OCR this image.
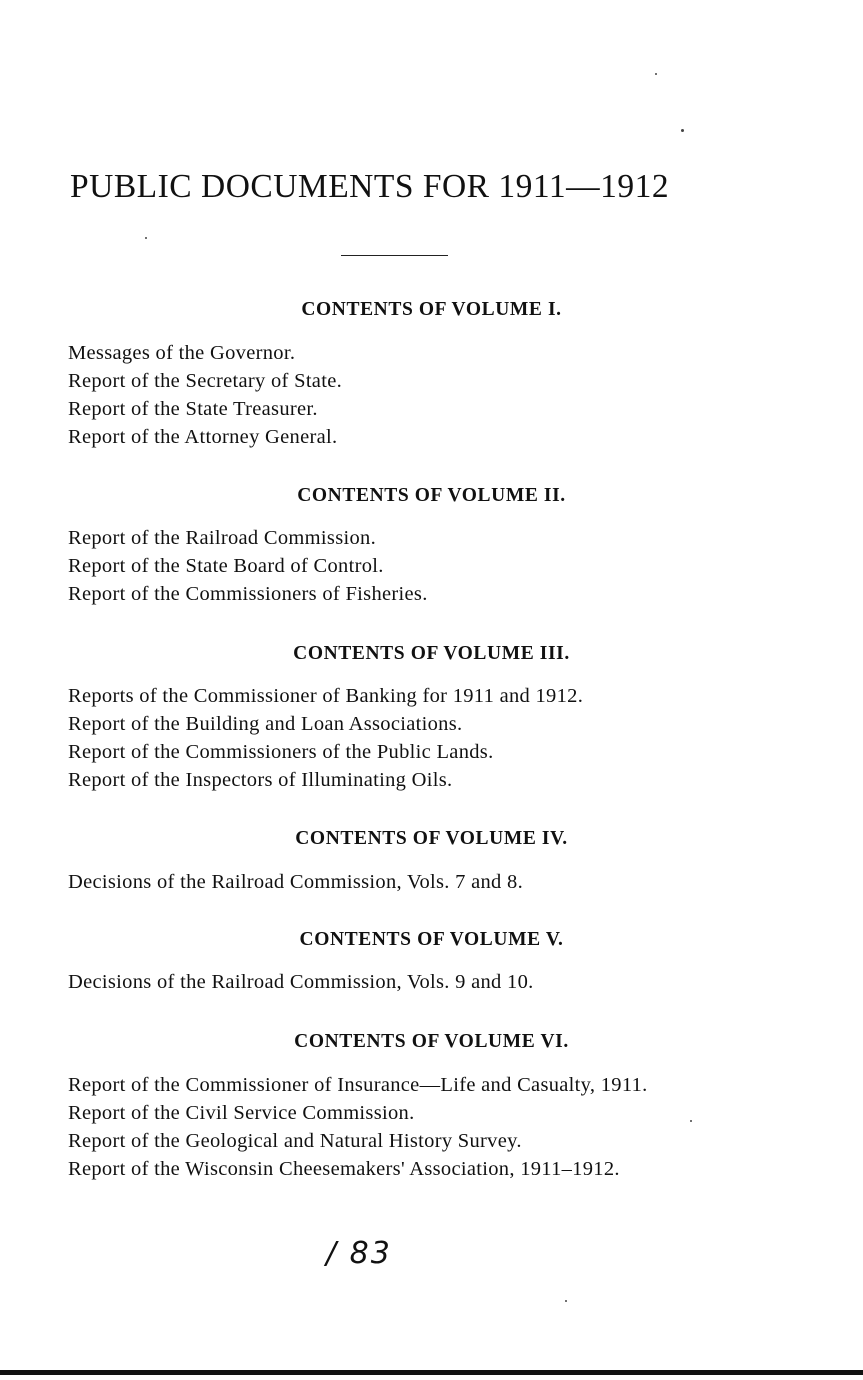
PUBLIC DOCUMENTS FOR 1911—1912
CONTENTS OF VOLUME I.
Messages of the Governor.
Report of the Secretary of State.
Report of the State Treasurer.
Report of the Attorney General.
CONTENTS OF VOLUME II.
Report of the Railroad Commission.
Report of the State Board of Control.
Report of the Commissioners of Fisheries.
CONTENTS OF VOLUME III.
Reports of the Commissioner of Banking for 1911 and 1912.
Report of the Building and Loan Associations.
Report of the Commissioners of the Public Lands.
Report of the Inspectors of Illuminating Oils.
CONTENTS OF VOLUME IV.
Decisions of the Railroad Commission, Vols. 7 and 8.
CONTENTS OF VOLUME V.
Decisions of the Railroad Commission, Vols. 9 and 10.
CONTENTS OF VOLUME VI.
Report of the Commissioner of Insurance—Life and Casualty, 1911.
Report of the Civil Service Commission.
Report of the Geological and Natural History Survey.
Report of the Wisconsin Cheesemakers' Association, 1911–1912.
/ 83
